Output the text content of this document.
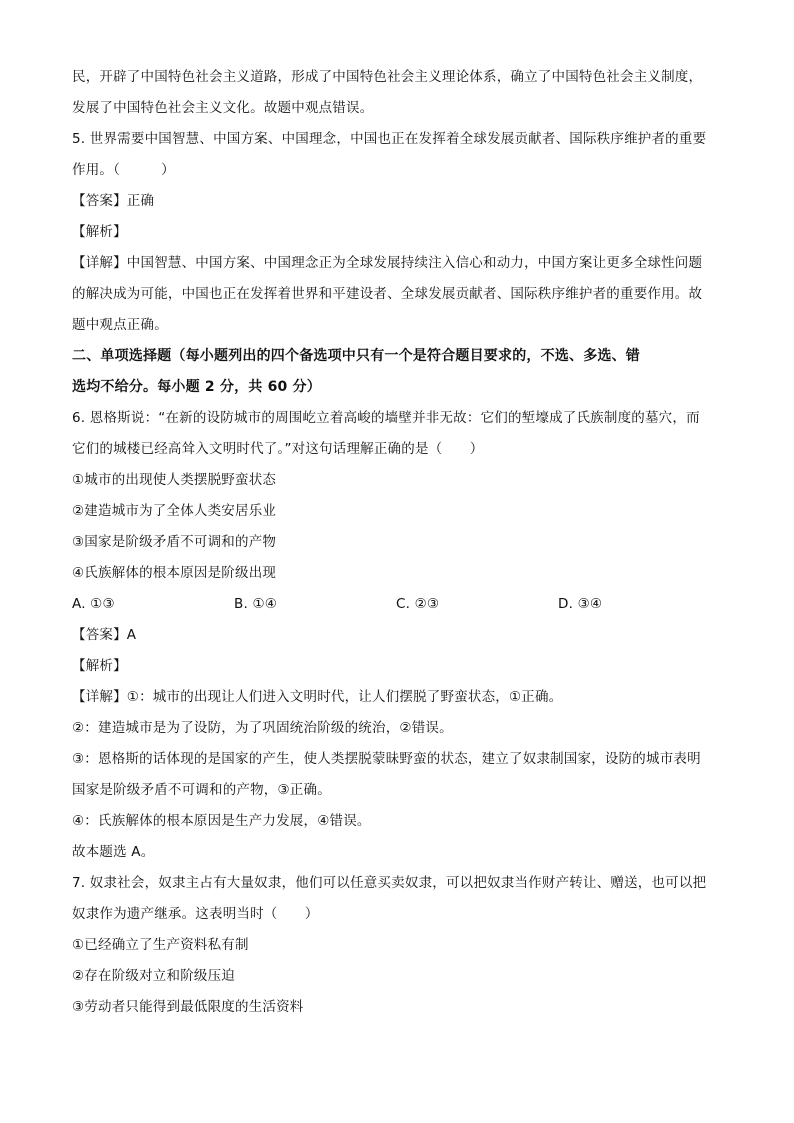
民，开辟了中国特色社会主义道路，形成了中国特色社会主义理论体系，确立了中国特色社会主义制度，
发展了中国特色社会主义文化。故题中观点错误。
5. 世界需要中国智慧、中国方案、中国理念，中国也正在发挥着全球发展贡献者、国际秩序维护者的重要
作用。（　　　）
【答案】正确
【解析】
【详解】中国智慧、中国方案、中国理念正为全球发展持续注入信心和动力，中国方案让更多全球性问题
的解决成为可能，中国也正在发挥着世界和平建设者、全球发展贡献者、国际秩序维护者的重要作用。故
题中观点正确。
二、单项选择题（每小题列出的四个备选项中只有一个是符合题目要求的，不选、多选、错
选均不给分。每小题 2 分，共 60 分）
6. 恩格斯说：“在新的设防城市的周围屹立着高峻的墙壁并非无故：它们的堑壕成了氏族制度的墓穴，而
它们的城楼已经高耸入文明时代了。”对这句话理解正确的是（　　）
①城市的出现使人类摆脱野蛮状态
②建造城市为了全体人类安居乐业
③国家是阶级矛盾不可调和的产物
④氏族解体的根本原因是阶级出现
A. ①③	B. ①④	C. ②③	D. ③④
【答案】A
【解析】
【详解】①：城市的出现让人们进入文明时代，让人们摆脱了野蛮状态，①正确。
②：建造城市是为了设防，为了巩固统治阶级的统治，②错误。
③：恩格斯的话体现的是国家的产生，使人类摆脱蒙昧野蛮的状态，建立了奴隶制国家，设防的城市表明
国家是阶级矛盾不可调和的产物，③正确。
④：氏族解体的根本原因是生产力发展，④错误。
故本题选 A。
7. 奴隶社会，奴隶主占有大量奴隶，他们可以任意买卖奴隶，可以把奴隶当作财产转让、赠送，也可以把
奴隶作为遗产继承。这表明当时（　　）
①已经确立了生产资料私有制
②存在阶级对立和阶级压迫
③劳动者只能得到最低限度的生活资料
